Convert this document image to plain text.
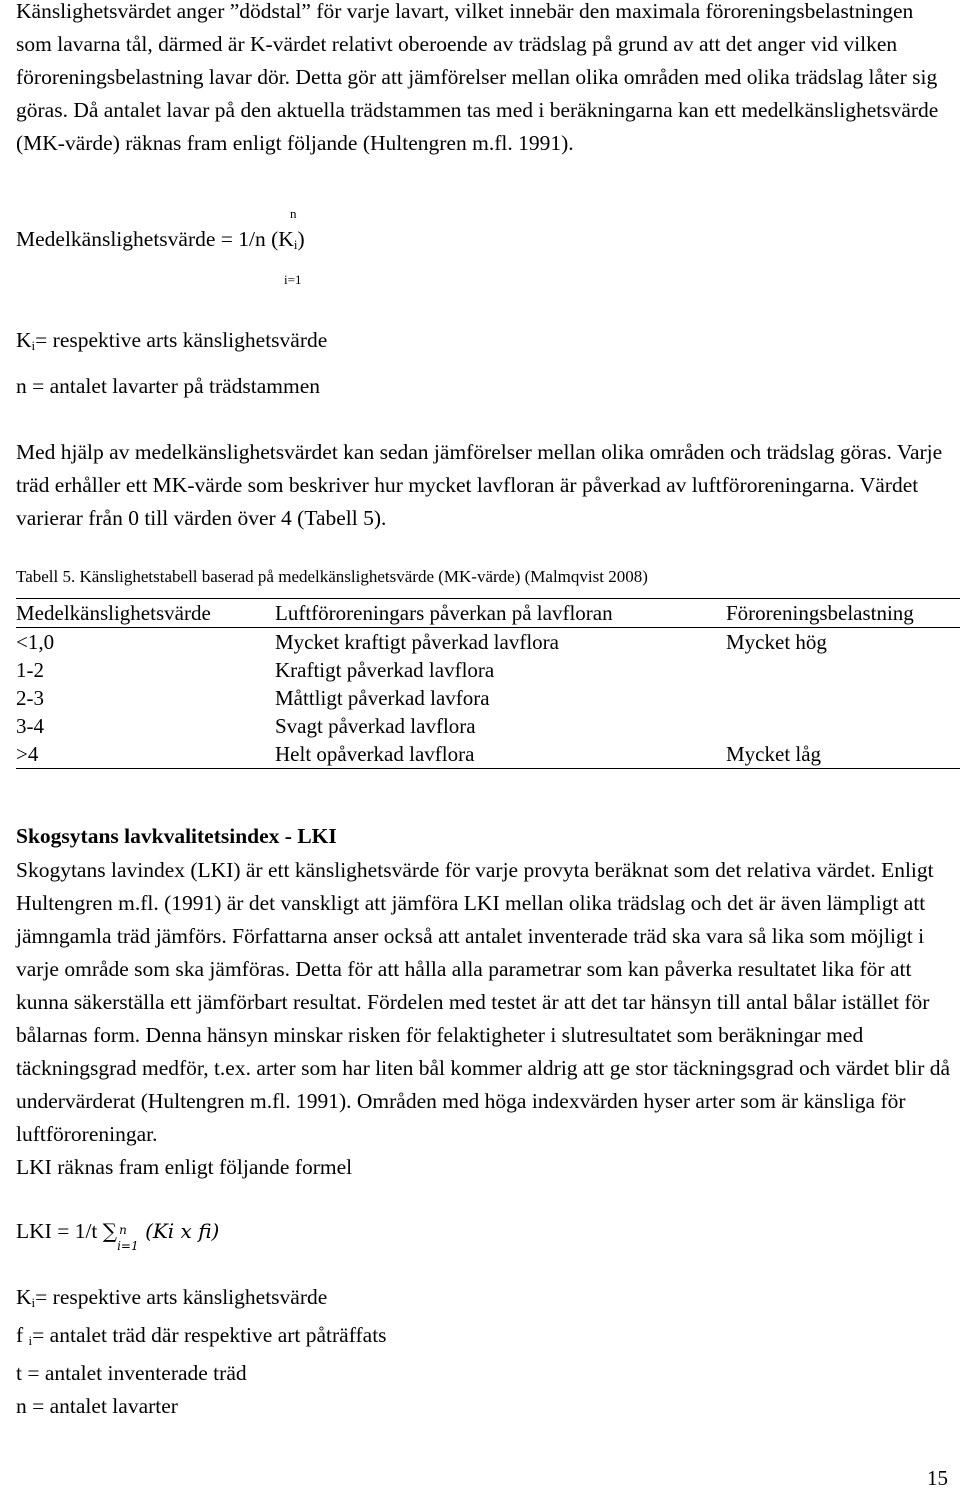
Känslighetsvärdet anger ”dödstal” för varje lavart, vilket innebär den maximala föroreningsbelastningen som lavarna tål, därmed är K-värdet relativt oberoende av trädslag på grund av att det anger vid vilken föroreningsbelastning lavar dör. Detta gör att jämförelser mellan olika områden med olika trädslag låter sig göras. Då antalet lavar på den aktuella trädstammen tas med i beräkningarna kan ett medelkänslighetsvärde (MK-värde) räknas fram enligt följande (Hultengren m.fl. 1991).

n
Medelkänslighetsvärde = 1/n $(K_i)$
i=1
$K_i=$ respektive arts känslighetsvärde
n = antalet lavarter på trädstammen

Med hjälp av medelkänslighetsvärdet kan sedan jämförelser mellan olika områden och trädslag göras. Varje träd erhåller ett MK-värde som beskriver hur mycket lavfloran är påverkad av luftföroreningarna. Värdet varierar från 0 till värden över 4 (Tabell 5).

Tabell 5. Känslighetstabell baserad på medelkänslighetsvärde (MK-värde) (Malmqvist 2008)
Medelkänslighetsvärde	Luftföroreningars påverkan på lavfloran	Föroreningsbelastning
<1,0	Mycket kraftigt påverkad lavflora	Mycket hög
1-2	Kraftigt påverkad lavflora	
2-3	Måttligt påverkad lavfora	
3-4	Svagt påverkad lavflora	
>4	Helt opåverkad lavflora	Mycket låg
Skogsytans lavkvalitetsindex - LKI
Skogytans lavindex (LKI) är ett känslighetsvärde för varje provyta beräknat som det relativa värdet. Enligt Hultengren m.fl. (1991) är det vanskligt att jämföra LKI mellan olika trädslag och det är även lämpligt att jämngamla träd jämförs. Författarna anser också att antalet inventerade träd ska vara så lika som möjligt i varje område som ska jämföras. Detta för att hålla alla parametrar som kan påverka resultatet lika för att kunna säkerställa ett jämförbart resultat. Fördelen med testet är att det tar hänsyn till antal bålar istället för bålarnas form. Denna hänsyn minskar risken för felaktigheter i slutresultatet som beräkningar med täckningsgrad medför, t.ex. arter som har liten bål kommer aldrig att ge stor täckningsgrad och värdet blir då undervärderat (Hultengren m.fl. 1991). Områden med höga indexvärden hyser arter som är känsliga för luftföroreningar.
LKI räknas fram enligt följande formel
LKI = 1/t ∑ n
i=1
(Ki x fi)
$K_i=$ respektive arts känslighetsvärde
f $_i$= antalet träd där respektive art påträffats
t = antalet inventerade träd
n = antalet lavarter
15
